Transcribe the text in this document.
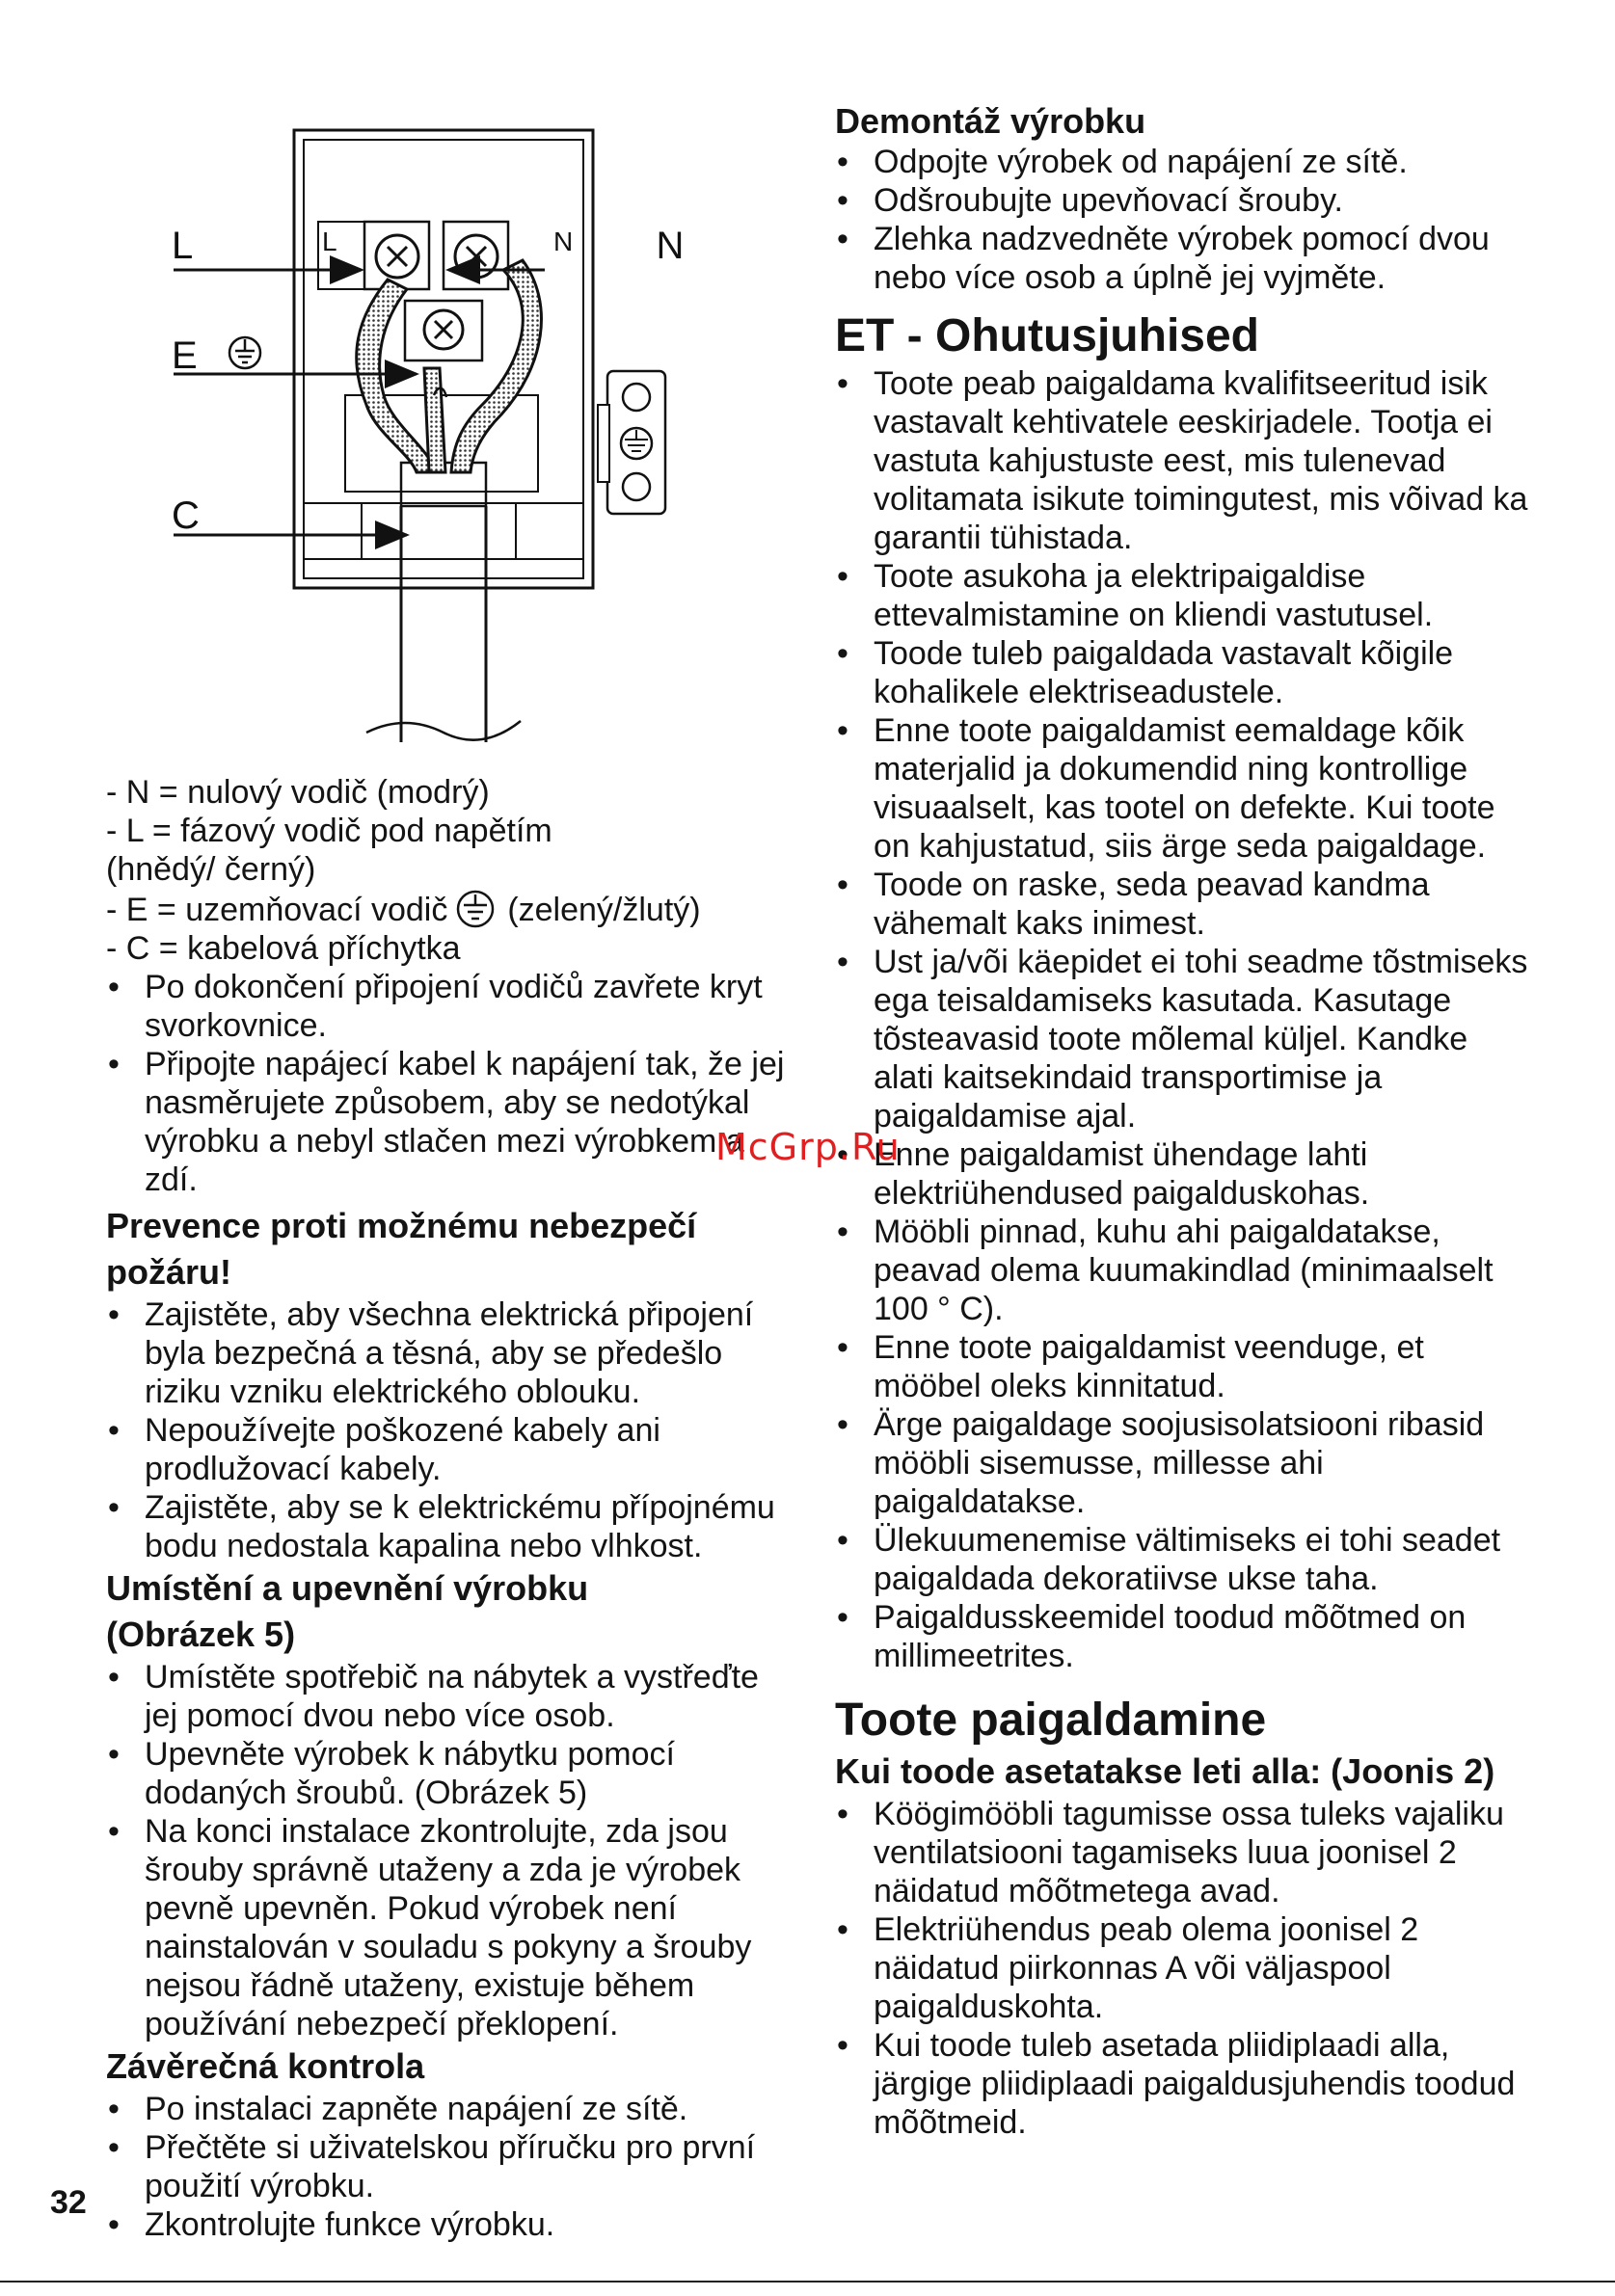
L	N
E
C
L	N

- N = nulový vodič (modrý)

- L = fázový vodič pod napětím (hnědý/ černý)

- E = uzemňovací vodič (zelený/žlutý)

- C = kabelová příchytka

• Po dokončení připojení vodičů zavřete kryt svorkovnice.
• Připojte napájecí kabel k napájení tak, že jej nasměrujete způsobem, aby se nedotýkal výrobku a nebyl stlačen mezi výrobkem a zdí.

Prevence proti možnému nebezpečí požáru!

• Zajistěte, aby všechna elektrická připojení byla bezpečná a těsná, aby se předešlo riziku vzniku elektrického oblouku.
• Nepoužívejte poškozené kabely ani prodlužovací kabely.
• Zajistěte, aby se k elektrickému přípojnému bodu nedostala kapalina nebo vlhkost.

Umístění a upevnění výrobku (Obrázek 5)

• Umístěte spotřebič na nábytek a vystřeďte jej pomocí dvou nebo více osob.
• Upevněte výrobek k nábytku pomocí dodaných šroubů. (Obrázek 5)
• Na konci instalace zkontrolujte, zda jsou šrouby správně utaženy a zda je výrobek pevně upevněn. Pokud výrobek není nainstalován v souladu s pokyny a šrouby nejsou řádně utaženy, existuje během používání nebezpečí překlopení.

Závěrečná kontrola

• Po instalaci zapněte napájení ze sítě.
• Přečtěte si uživatelskou příručku pro první použití výrobku.
• Zkontrolujte funkce výrobku.

Demontáž výrobku

• Odpojte výrobek od napájení ze sítě.
• Odšroubujte upevňovací šrouby.
• Zlehka nadzvedněte výrobek pomocí dvou nebo více osob a úplně jej vyjměte.

ET - Ohutusjuhised

• Toote peab paigaldama kvalifitseeritud isik vastavalt kehtivatele eeskirjadele. Tootja ei vastuta kahjustuste eest, mis tulenevad volitamata isikute toimingutest, mis võivad ka garantii tühistada.
• Toote asukoha ja elektripaigaldise ettevalmistamine on kliendi vastutusel.
• Toode tuleb paigaldada vastavalt kõigile kohalikele elektriseadustele.
• Enne toote paigaldamist eemaldage kõik materjalid ja dokumendid ning kontrollige visuaalselt, kas tootel on defekte. Kui toote on kahjustatud, siis ärge seda paigaldage.
• Toode on raske, seda peavad kandma vähemalt kaks inimest.
• Ust ja/või käepidet ei tohi seadme tõstmiseks ega teisaldamiseks kasutada. Kasutage tõsteavasid toote mõlemal küljel. Kandke alati kaitsekindaid transportimise ja paigaldamise ajal.
• Enne paigaldamist ühendage lahti elektriühendused paigalduskohas.
• Mööbli pinnad, kuhu ahi paigaldatakse, peavad olema kuumakindlad (minimaalselt 100 ° C).
• Enne toote paigaldamist veenduge, et mööbel oleks kinnitatud.
• Ärge paigaldage soojusisolatsiooni ribasid mööbli sisemusse, millesse ahi paigaldatakse.
• Ülekuumenemise vältimiseks ei tohi seadet paigaldada dekoratiivse ukse taha.
• Paigaldusskeemidel toodud mõõtmed on millimeetrites.

Toote paigaldamine

Kui toode asetatakse leti alla: (Joonis 2)

• Köögimööbli tagumisse ossa tuleks vajaliku ventilatsiooni tagamiseks luua joonisel 2 näidatud mõõtmetega avad.
• Elektriühendus peab olema joonisel 2 näidatud piirkonnas A või väljaspool paigalduskohta.
• Kui toode tuleb asetada pliidiplaadi alla, järgige pliidiplaadi paigaldusjuhendis toodud mõõtmeid.
McGrp.Ru
32
